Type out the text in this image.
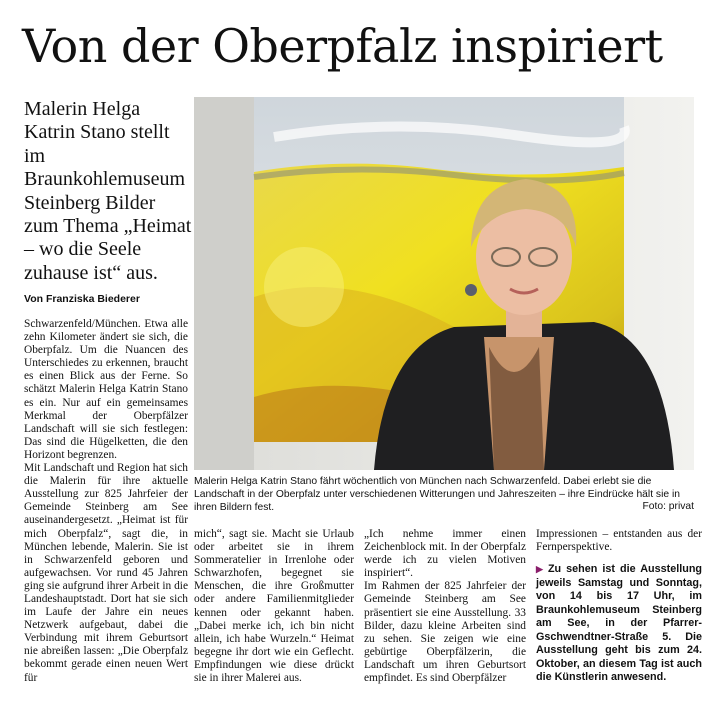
Von der Oberpfalz inspiriert
Malerin Helga Katrin Stano stellt im Braunkohlemuseum Steinberg Bilder zum Thema „Heimat – wo die Seele zuhause ist“ aus.
Von Franziska Biederer

Schwarzenfeld/München. Etwa alle zehn Kilometer ändert sie sich, die Oberpfalz. Um die Nuancen des Unterschiedes zu erkennen, braucht es einen Blick aus der Ferne. So schätzt Malerin Helga Katrin Stano es ein. Nur auf ein gemeinsames Merkmal der Oberpfälzer Landschaft will sie sich festlegen: Das sind die Hügelketten, die den Horizont begrenzen.

Mit Landschaft und Region hat sich die Malerin für ihre aktuelle Ausstellung zur 825 Jahrfeier der Gemeinde Steinberg am See auseinandergesetzt. „Heimat ist für mich Oberpfalz“, sagt die, in München lebende, Malerin. Sie ist in Schwarzenfeld geboren und aufgewachsen. Vor rund 45 Jahren ging sie aufgrund ihrer Arbeit in die Landeshauptstadt. Dort hat sie sich im Laufe der Jahre ein neues Netzwerk aufgebaut, dabei die Verbindung mit ihrem Geburtsort nie abreißen lassen: „Die Oberpfalz bekommt gerade einen neuen Wert für

Malerin Helga Katrin Stano fährt wöchentlich von München nach Schwarzenfeld. Dabei erlebt sie die Landschaft in der Oberpfalz unter verschiedenen Witterungen und Jahreszeiten – ihre Eindrücke hält sie in ihren Bildern fest.	Foto: privat

mich“, sagt sie. Macht sie Urlaub oder arbeitet sie in ihrem Sommeratelier in Irrenlohe oder Schwarzhofen, begegnet sie Menschen, die ihre Großmutter oder andere Familienmitglieder kennen oder gekannt haben. „Dabei merke ich, ich bin nicht allein, ich habe Wurzeln.“ Heimat begegne ihr dort wie ein Geflecht. Empfindungen wie diese drückt sie in ihrer Malerei aus.

„Ich nehme immer einen Zeichenblock mit. In der Oberpfalz werde ich zu vielen Motiven inspiriert“.

Im Rahmen der 825 Jahrfeier der Gemeinde Steinberg am See präsentiert sie eine Ausstellung. 33 Bilder, dazu kleine Arbeiten sind zu sehen. Sie zeigen wie eine gebürtige Oberpfälzerin, die Landschaft um ihren Geburtsort empfindet. Es sind Oberpfälzer

Impressionen – entstanden aus der Fernperspektive.

▶ Zu sehen ist die Ausstellung jeweils Samstag und Sonntag, von 14 bis 17 Uhr, im Braunkohlemuseum Steinberg am See, in der Pfarrer-Gschwendtner-Straße 5. Die Ausstellung geht bis zum 24. Oktober, an diesem Tag ist auch die Künstlerin anwesend.
